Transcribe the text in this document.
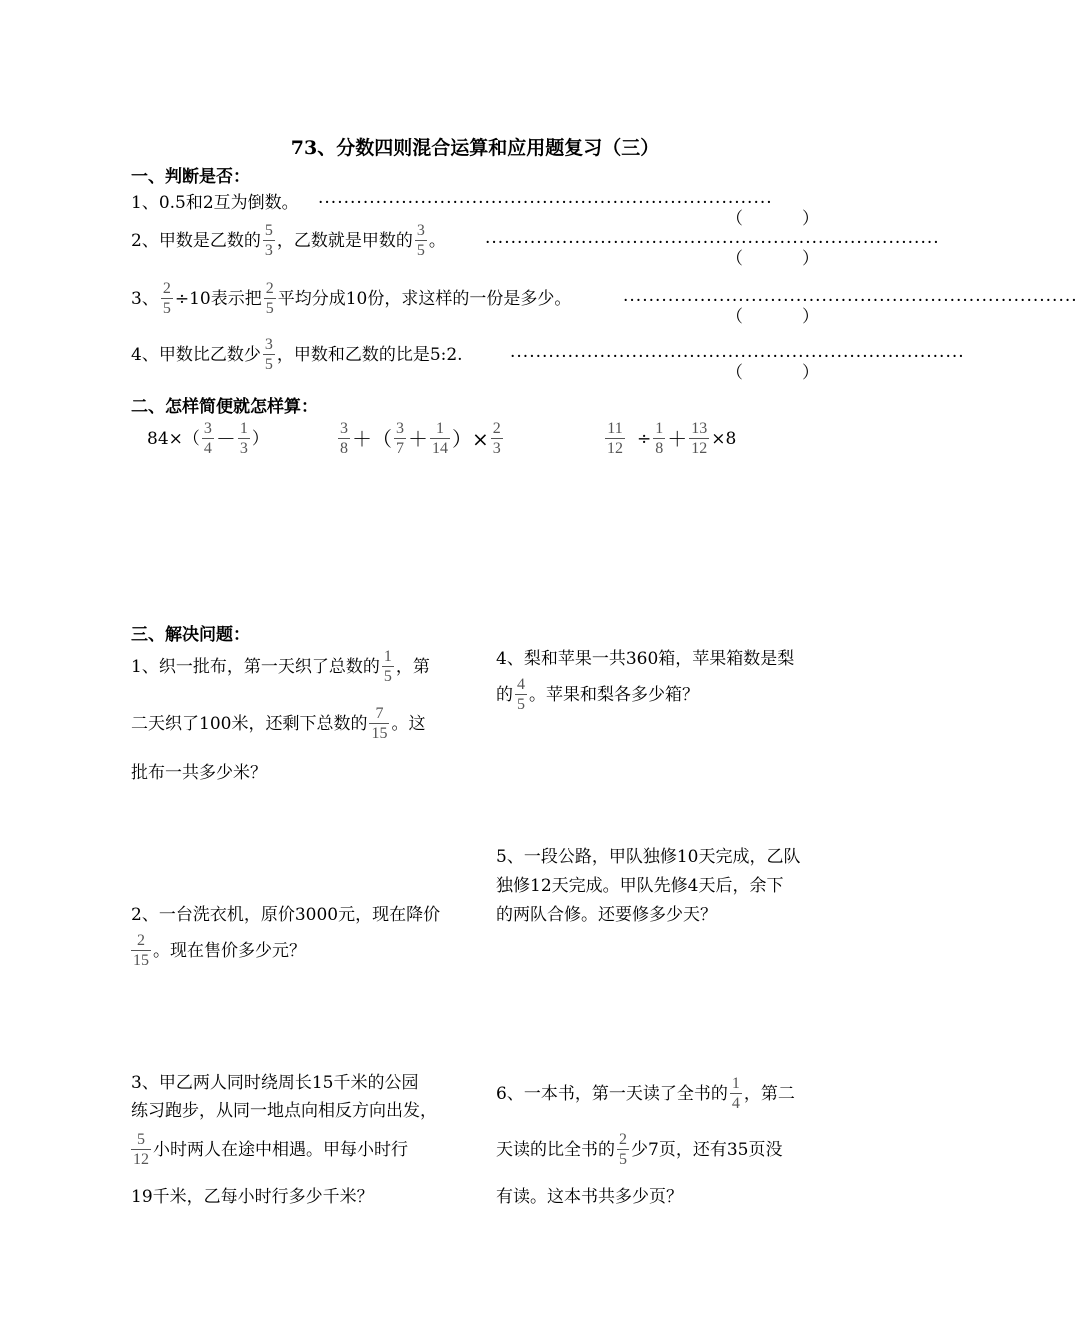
73、分数四则混合运算和应用题复习（三）
一、判断是否：
1、0.5和2互为倒数。 ·······································································
（	）
2、甲数是乙数的 $\frac{5}{3}$ ，乙数就是甲数的 $\frac{3}{5}$ 。 ·······································································
（	）
3、 $\frac{2}{5} \div 10$表示把 $\frac{2}{5}$ 平均分成10份，求这样的一份是多少。	·······································································
（	）
4、甲数比乙数少 $\frac{3}{5}$ ，甲数和乙数的比是5:2.	·······································································
（	）
二、怎样简便就怎样算：
$84\times( \frac{3}{4} - \frac{1}{3}$ ）	$\frac{3}{8}$ ＋（ $\frac{3}{7} + \frac{1}{14}$ ）× $\frac{2}{3}$	$\frac{11}{12} \div \frac{1}{8} + \frac{13}{12} \times 8$
三、解决问题：
1、织一批布，第一天织了总数的 $\frac{1}{5}$ ，第
二天织了100米，还剩下总数的 $\frac{7}{15}$ 。这
批布一共多少米？
4、梨和苹果一共360箱，苹果箱数是梨
的 $\frac{4}{5}$ 。苹果和梨各多少箱？
5、一段公路，甲队独修10天完成，乙队
独修12天完成。甲队先修4天后，余下
的两队合修。还要修多少天？
2、一台洗衣机，原价3000元，现在降价
$\frac{2}{15}$ 。现在售价多少元？
3、甲乙两人同时绕周长15千米的公园
练习跑步，从同一地点向相反方向出发，
$\frac{5}{12}$ 小时两人在途中相遇。甲每小时行
19千米，乙每小时行多少千米？
6、一本书，第一天读了全书的 $\frac{1}{4}$ ，第二
天读的比全书的 $\frac{2}{5}$ 少7页，还有35页没
有读。这本书共多少页？
